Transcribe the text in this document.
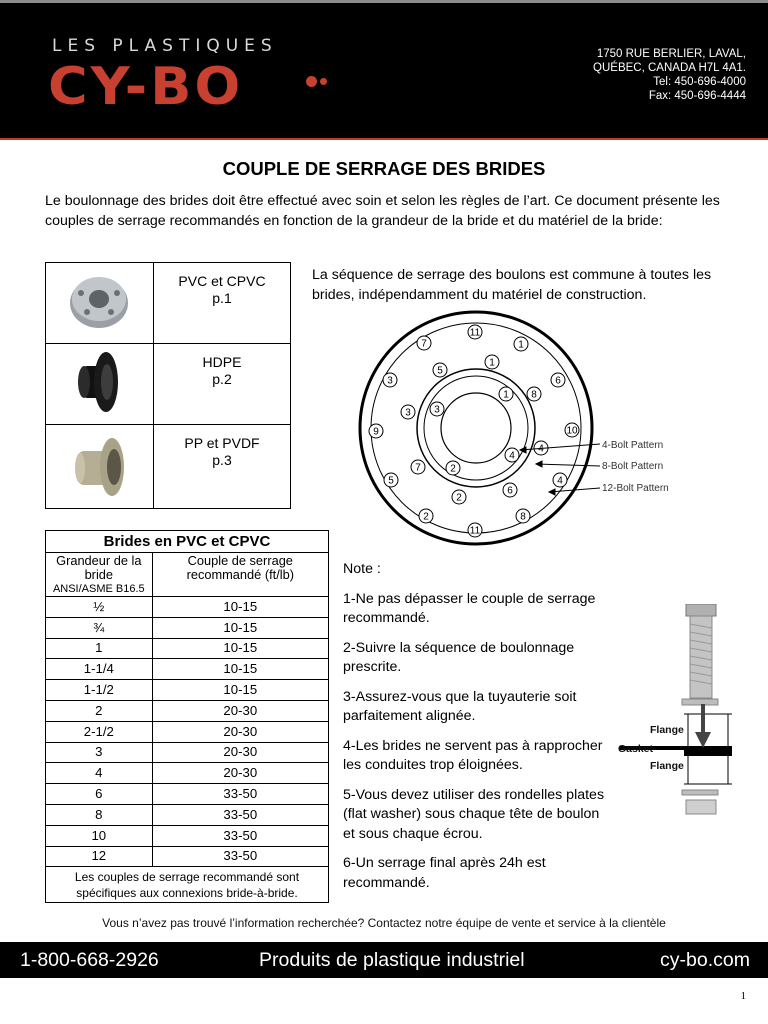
LES PLASTIQUES
CY-BO
1750 RUE BERLIER, LAVAL,
QUÉBEC, CANADA H7L 4A1.
Tel: 450-696-4000
Fax: 450-696-4444
COUPLE DE SERRAGE DES BRIDES
Le boulonnage des brides doit être effectué avec soin et selon les règles de l’art. Ce document présente les couples de serrage recommandés en fonction de la grandeur de la bride et du matériel de la bride:

PVC et CPVC
p.1

HDPE
p.2

PP et PVDF
p.3
La séquence de serrage des boulons est commune à toutes les brides, indépendamment du matériel de construction.
11
1
6
10
4
8
11
2
5
9
3
7
1
8
4
6
2
7
3
5
1
4
2
3
4-Bolt Pattern
8-Bolt Pattern
12-Bolt Pattern
Brides en PVC et CPVC	
Grandeur de la bride
ANSI/ASME B16.5	Couple de serrage recommandé (ft/lb)
½	10-15
¾	10-15
1	10-15
1-1/4	10-15
1-1/2	10-15
2	20-30
2-1/2	20-30
3	20-30
4	20-30
6	33-50
8	33-50
10	33-50
12	33-50
Les couples de serrage recommandé sont spécifiques aux connexions bride-à-bride.	

Note :

1-Ne pas dépasser le couple de serrage recommandé.

2-Suivre la séquence de boulonnage prescrite.

3-Assurez-vous que la tuyauterie soit parfaitement alignée.

4-Les brides ne servent pas à rapprocher les conduites trop éloignées.

5-Vous devez utiliser des rondelles plates (flat washer) sous chaque tête de boulon et sous chaque écrou.

6-Un serrage final après 24h est recommandé.

Flange
Gasket
Flange
Vous n’avez pas trouvé l’information recherchée? Contactez notre équipe de vente et service à la clientèle
1-800-668-2926	Produits de plastique industriel	cy-bo.com
1
